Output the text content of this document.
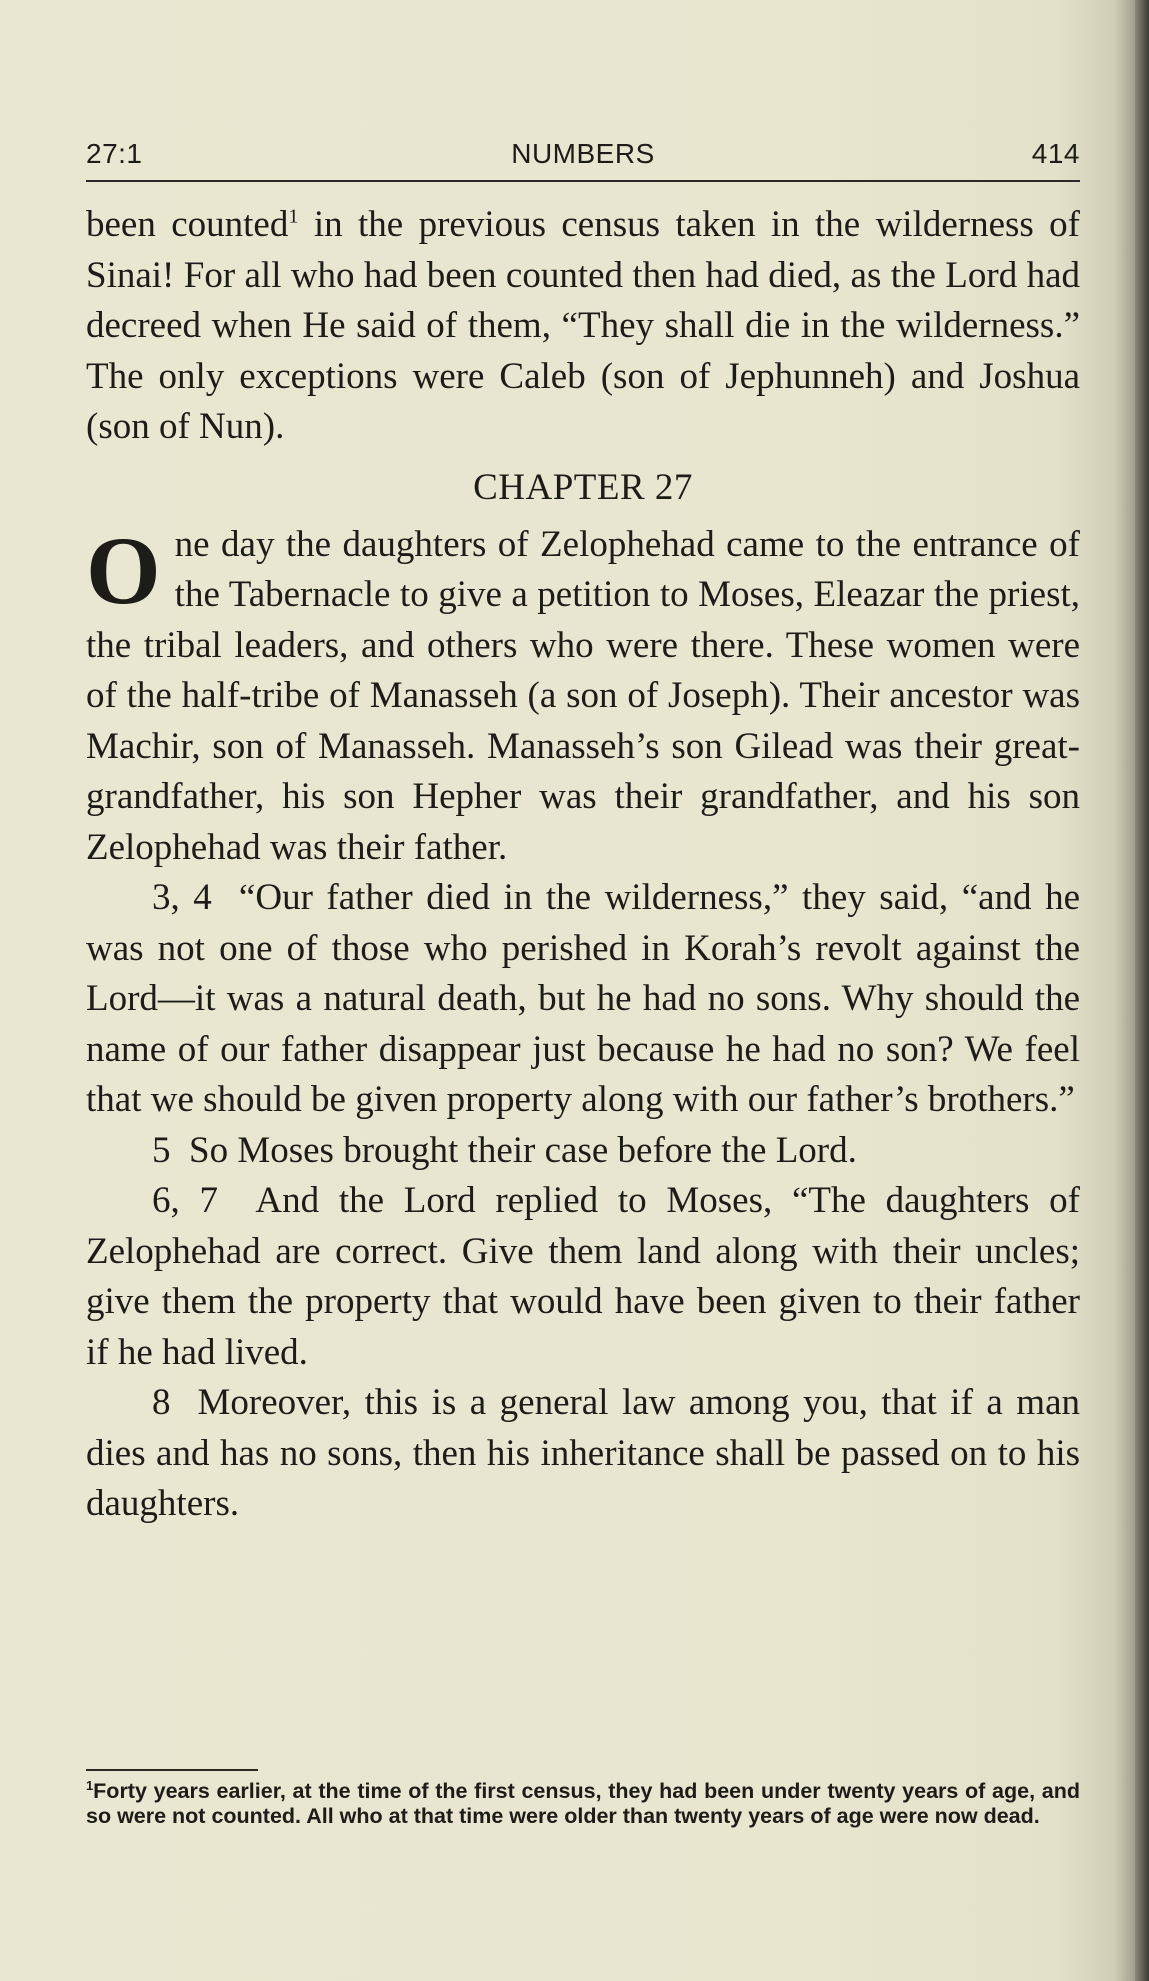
27:1	NUMBERS	414

been counted$^1$ in the previous census taken in the wilderness of Sinai! For all who had been counted then had died, as the Lord had decreed when He said of them, “They shall die in the wilderness.” The only exceptions were Caleb (son of Jephunneh) and Joshua (son of Nun).

CHAPTER 27

One day the daughters of Zelophehad came to the entrance of the Tabernacle to give a petition to Moses, Eleazar the priest, the tribal leaders, and others who were there. These women were of the half-tribe of Manasseh (a son of Joseph). Their ancestor was Machir, son of Manasseh. Manasseh’s son Gilead was their great-grandfather, his son Hepher was their grandfather, and his son Zelophehad was their father.

3, 4 “Our father died in the wilderness,” they said, “and he was not one of those who perished in Korah’s revolt against the Lord—it was a natural death, but he had no sons. Why should the name of our father disappear just because he had no son? We feel that we should be given property along with our father’s brothers.”

5 So Moses brought their case before the Lord.

6, 7 And the Lord replied to Moses, “The daughters of Zelophehad are correct. Give them land along with their uncles; give them the property that would have been given to their father if he had lived.

8 Moreover, this is a general law among you, that if a man dies and has no sons, then his inheritance shall be passed on to his daughters.

$^1$Forty years earlier, at the time of the first census, they had been under twenty years of age, and so were not counted. All who at that time were older than twenty years of age were now dead.
